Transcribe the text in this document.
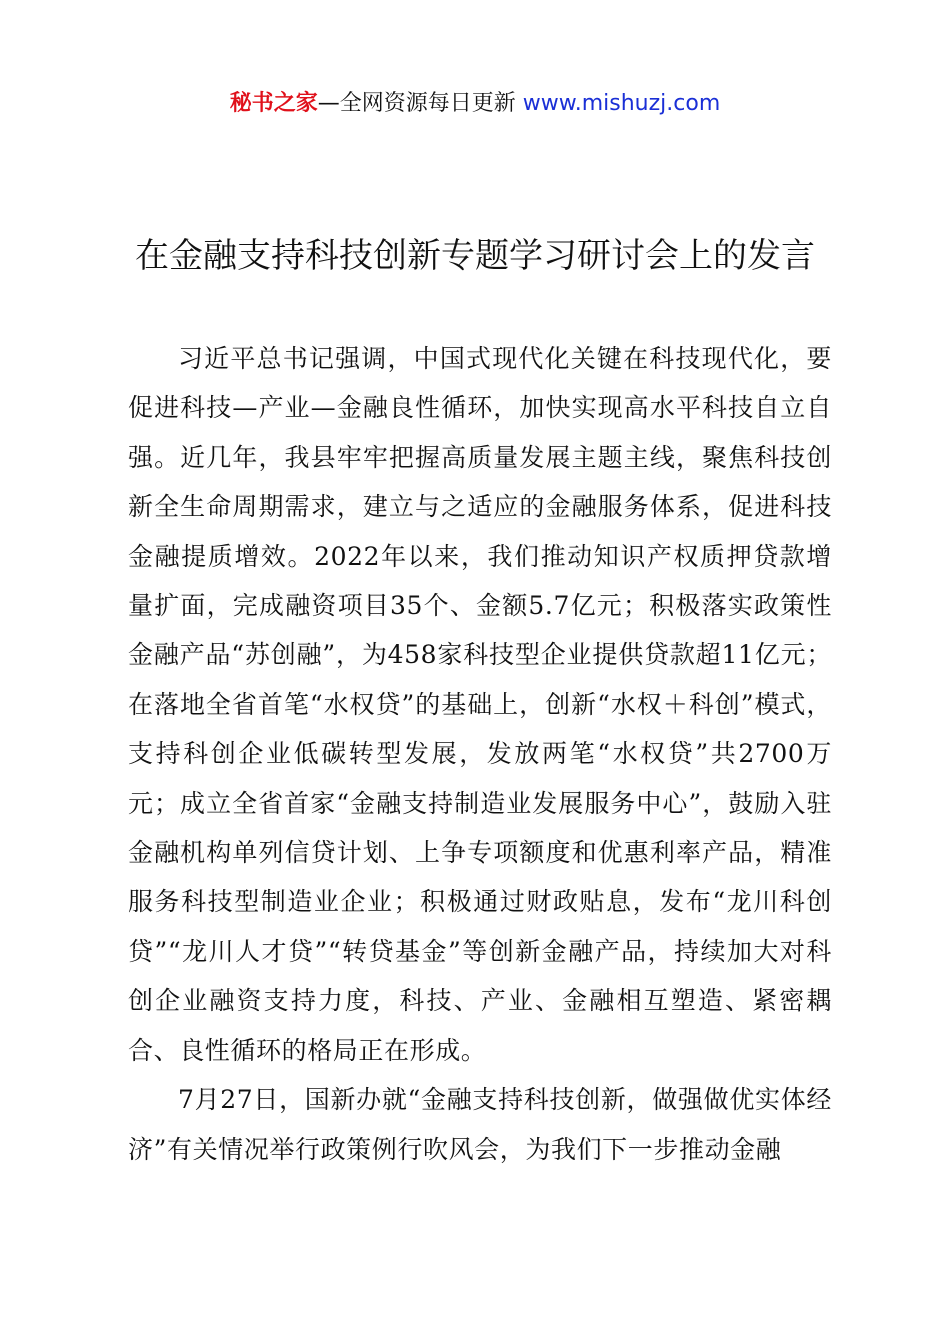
秘书之家—全网资源每日更新 www.mishuzj.com
在金融支持科技创新专题学习研讨会上的发言

习近平总书记强调，中国式现代化关键在科技现代化，要促进科技—产业—金融良性循环，加快实现高水平科技自立自强。近几年，我县牢牢把握高质量发展主题主线，聚焦科技创新全生命周期需求，建立与之适应的金融服务体系，促进科技金融提质增效。2022年以来，我们推动知识产权质押贷款增量扩面，完成融资项目35个、金额5.7亿元；积极落实政策性金融产品“苏创融”，为458家科技型企业提供贷款超11亿元；在落地全省首笔“水权贷”的基础上，创新“水权＋科创”模式，支持科创企业低碳转型发展，发放两笔“水权贷”共2700万元；成立全省首家“金融支持制造业发展服务中心”，鼓励入驻金融机构单列信贷计划、上争专项额度和优惠利率产品，精准服务科技型制造业企业；积极通过财政贴息，发布“龙川科创贷”“龙川人才贷”“转贷基金”等创新金融产品，持续加大对科创企业融资支持力度，科技、产业、金融相互塑造、紧密耦合、良性循环的格局正在形成。

7月27日，国新办就“金融支持科技创新，做强做优实体经济”有关情况举行政策例行吹风会，为我们下一步推动金融
